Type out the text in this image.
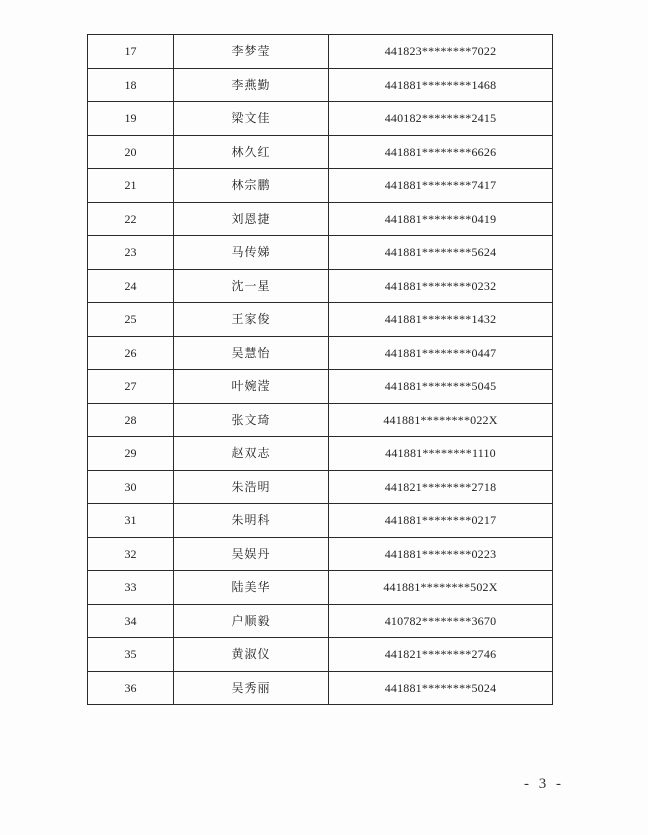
17	李梦莹	441823********7022
18	李燕勤	441881********1468
19	梁文佳	440182********2415
20	林久红	441881********6626
21	林宗鹏	441881********7417
22	刘恩捷	441881********0419
23	马传娣	441881********5624
24	沈一星	441881********0232
25	王家俊	441881********1432
26	吴慧怡	441881********0447
27	叶婉滢	441881********5045
28	张文琦	441881********022X
29	赵双志	441881********1110
30	朱浩明	441821********2718
31	朱明科	441881********0217
32	吴娱丹	441881********0223
33	陆美华	441881********502X
34	户顺毅	410782********3670
35	黄淑仪	441821********2746
36	吴秀丽	441881********5024
- 3 -
